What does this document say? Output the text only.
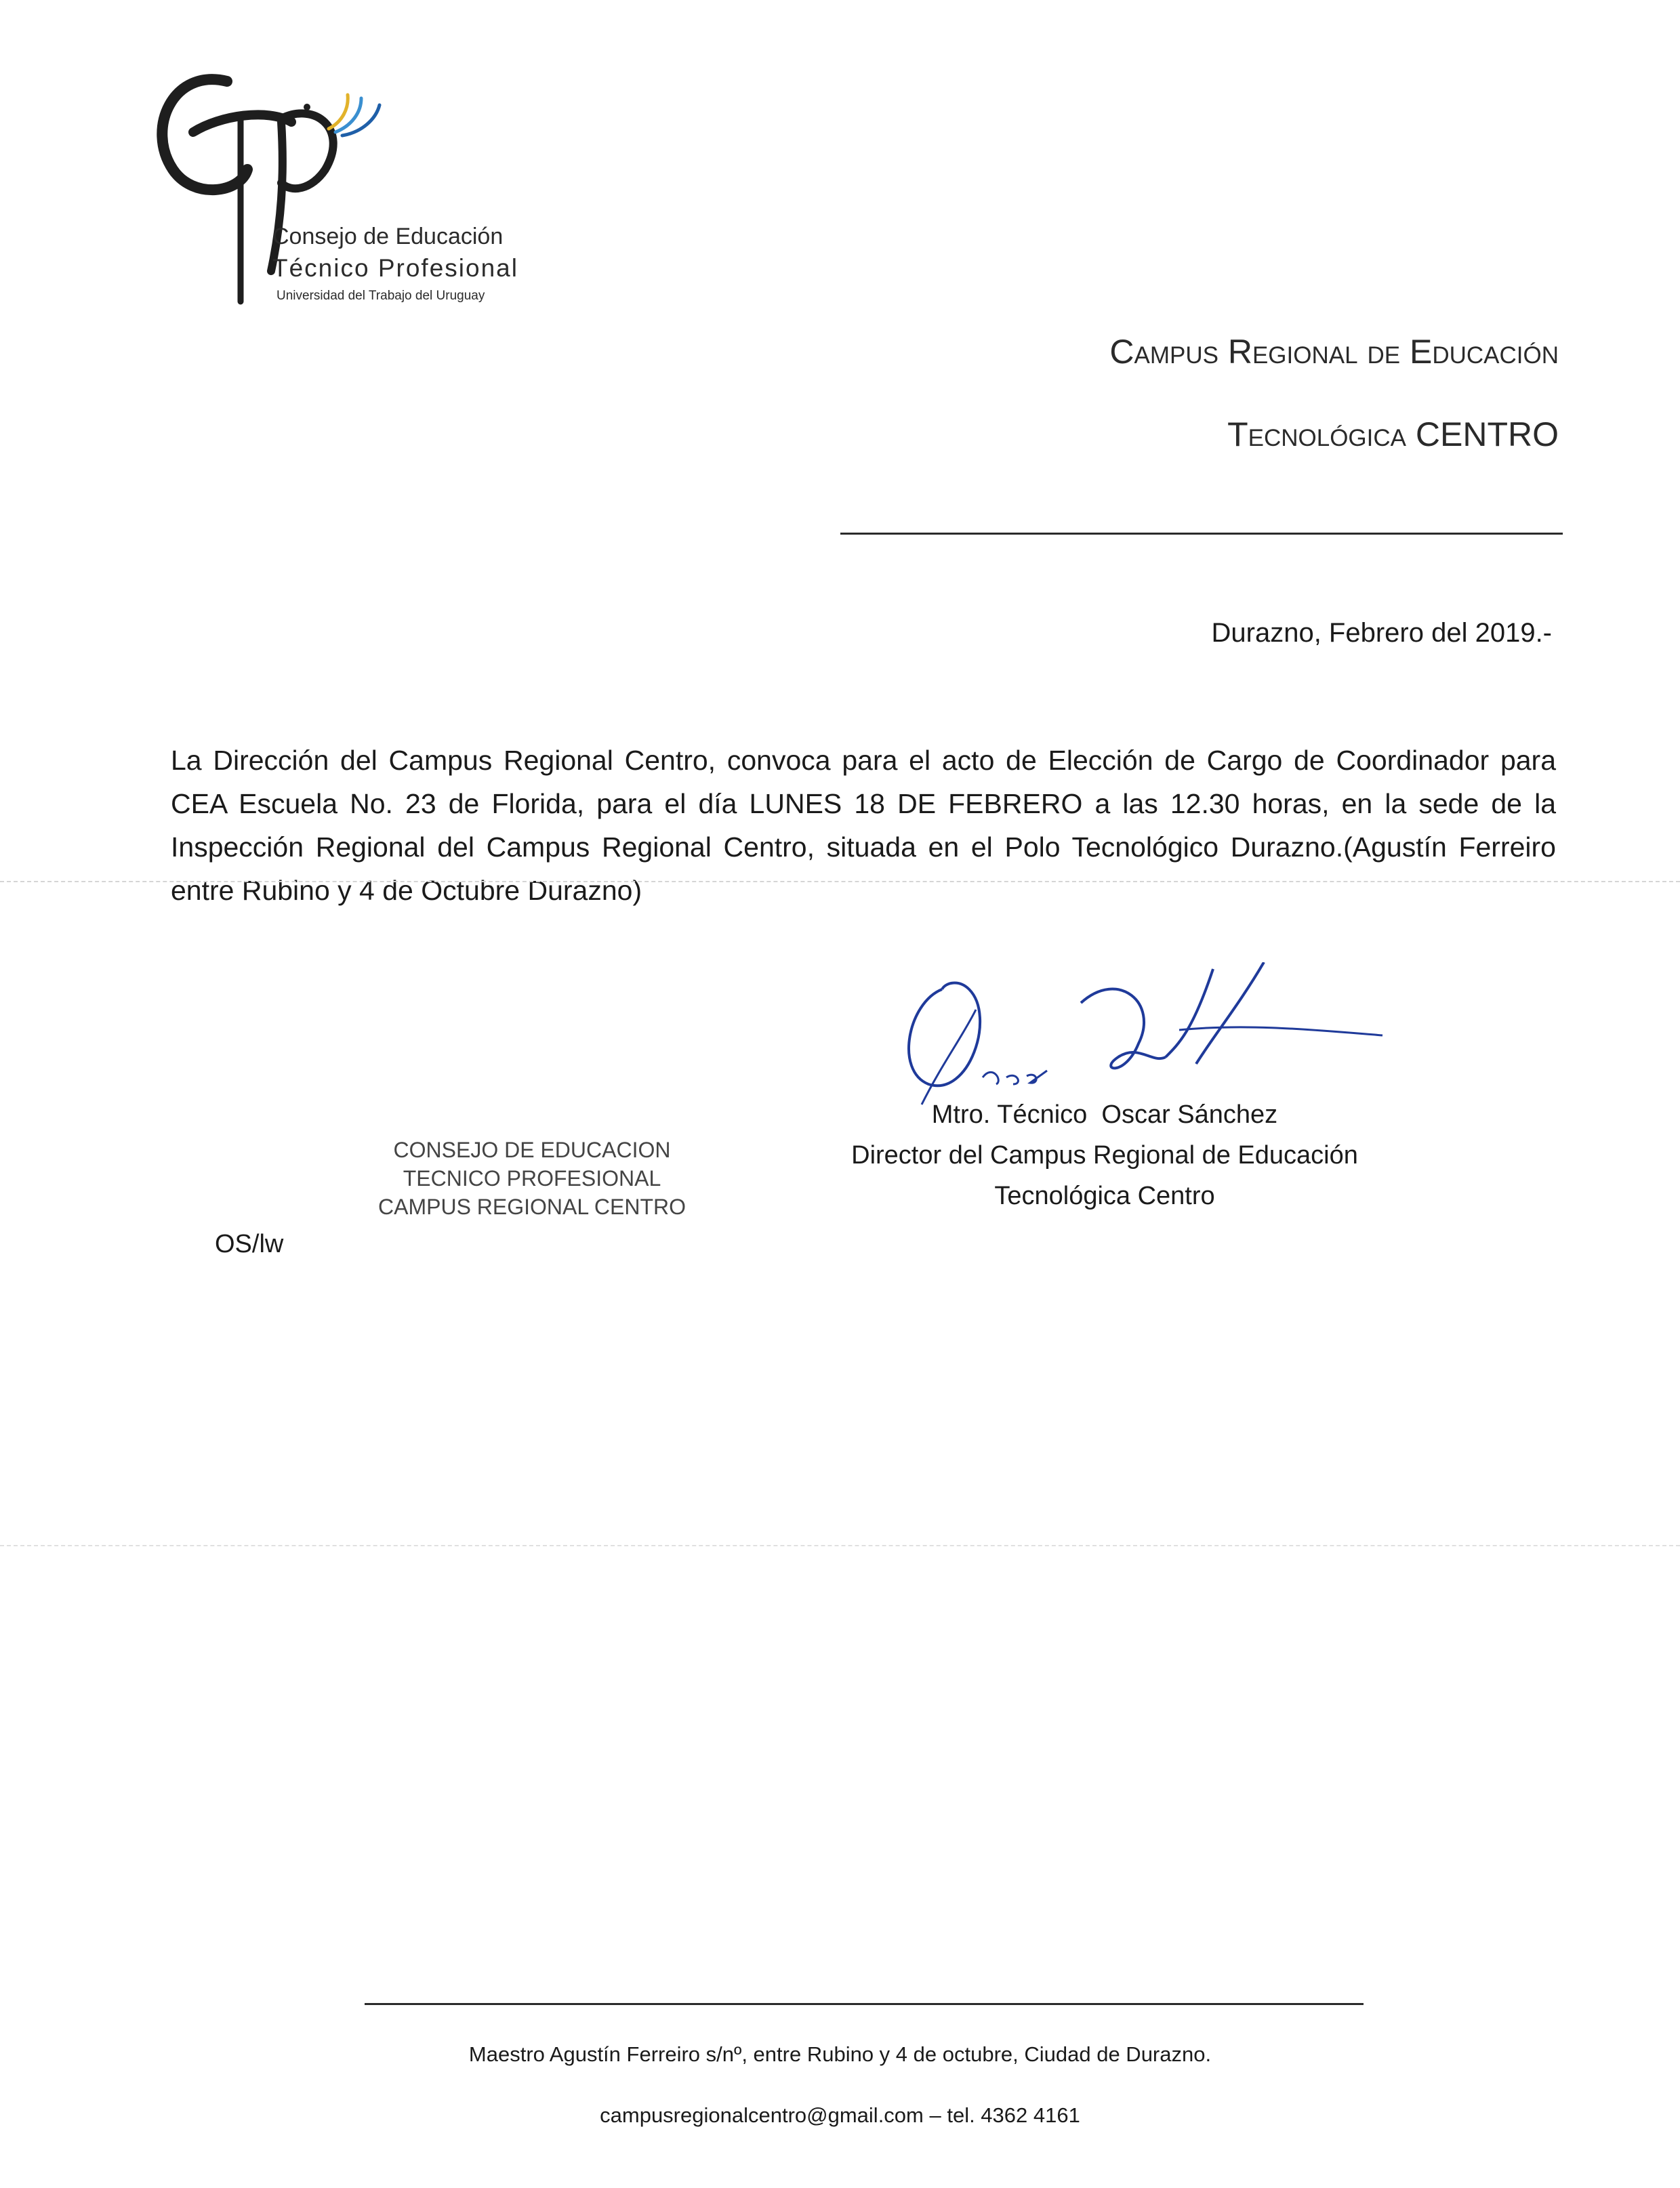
Consejo de Educación
Técnico Profesional
Universidad del Trabajo del Uruguay
Campus Regional de Educación
Tecnológica CENTRO
Durazno, Febrero del 2019.-
La Dirección del Campus Regional Centro, convoca para el acto de Elección de Cargo de Coordinador para CEA Escuela No. 23 de Florida, para el día LUNES 18 DE FEBRERO a las 12.30 horas, en la sede de la Inspección Regional del Campus Regional Centro, situada en el Polo Tecnológico Durazno.(Agustín Ferreiro entre Rubino y 4 de Octubre Durazno)
Mtro. Técnico  Oscar Sánchez
Director del Campus Regional de Educación
Tecnológica Centro
CONSEJO DE EDUCACION
TECNICO PROFESIONAL
CAMPUS REGIONAL CENTRO
OS/lw
Maestro Agustín Ferreiro s/nº, entre Rubino y 4 de octubre, Ciudad de Durazno.
campusregionalcentro@gmail.com – tel. 4362 4161
